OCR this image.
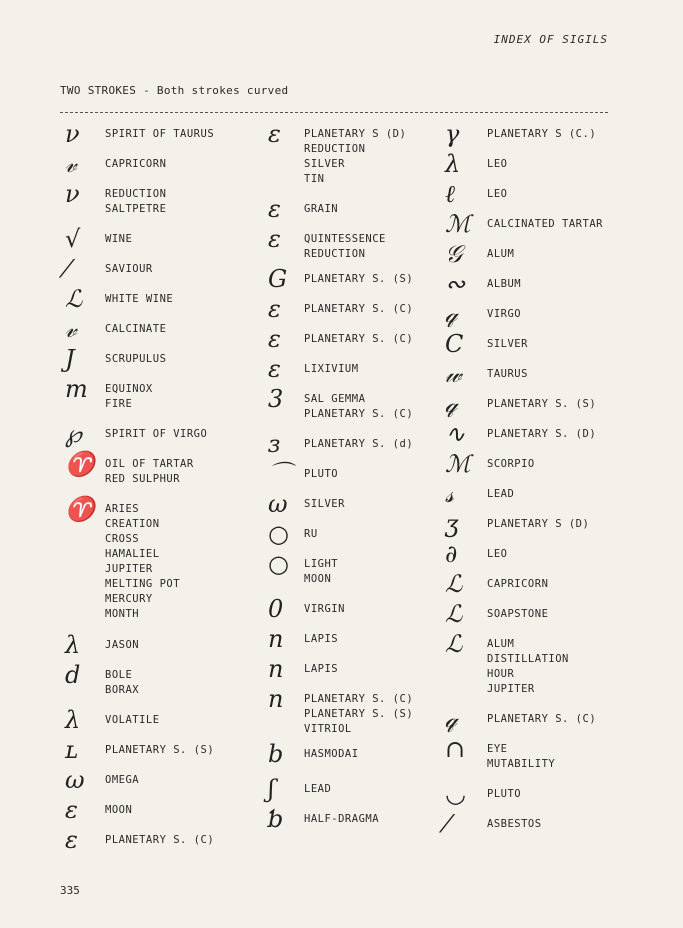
INDEX OF SIGILS
TWO STROKES - Both strokes curved
ν SPIRIT OF TAURUS
𝓋	CAPRICORN
ν REDUCTION
SALTPETRE
√ WINE
⁄	SAVIOUR
ℒ WHITE WINE
𝓋	CALCINATE
J	SCRUPULUS
m EQUINOX
FIRE
℘ SPIRIT OF VIRGO
♈ OIL OF TARTAR
RED SULPHUR
♈ ARIES
CREATION
CROSS
HAMALIEL
JUPITER
MELTING POT
MERCURY
MONTH
λ JASON
d BOLE
BORAX
λ VOLATILE
ʟ	PLANETARY S. (S)
ω OMEGA
ε	MOON
ε	PLANETARY S. (C)
ε PLANETARY S (D)
REDUCTION
SILVER
TIN
ε GRAIN
ε QUINTESSENCE
REDUCTION
G PLANETARY S. (S)
ε PLANETARY S. (C)
ε PLANETARY S. (C)
ε LIXIVIUM
3 SAL GEMMA
PLANETARY S. (C)
ɜ PLANETARY S. (d)
⌒ PLUTO
ω SILVER
○ RU
○ LIGHT
MOON
0 VIRGIN
n LAPIS
n LAPIS
n PLANETARY S. (C)
PLANETARY S. (S)
VITRIOL
b HASMODAI
ʃ	LEAD
ƅ HALF-DRAGMA
γ	PLANETARY S (C.)
λ	LEO
ℓ	LEO
ℳ CALCINATED TARTAR
𝒢 ALUM
∾ ALBUM
𝓆	VIRGO
C SILVER
𝓌 TAURUS
𝓆	PLANETARY S. (S)
∿ PLANETARY S. (D)
ℳ SCORPIO
𝓈	LEAD
ʒ	PLANETARY S (D)
∂	LEO
ℒ CAPRICORN
ℒ SOAPSTONE
ℒ ALUM
DISTILLATION
HOUR
JUPITER
𝓆	PLANETARY S. (C)
∩ EYE
MUTABILITY
◡ PLUTO
⁄	ASBESTOS
335
